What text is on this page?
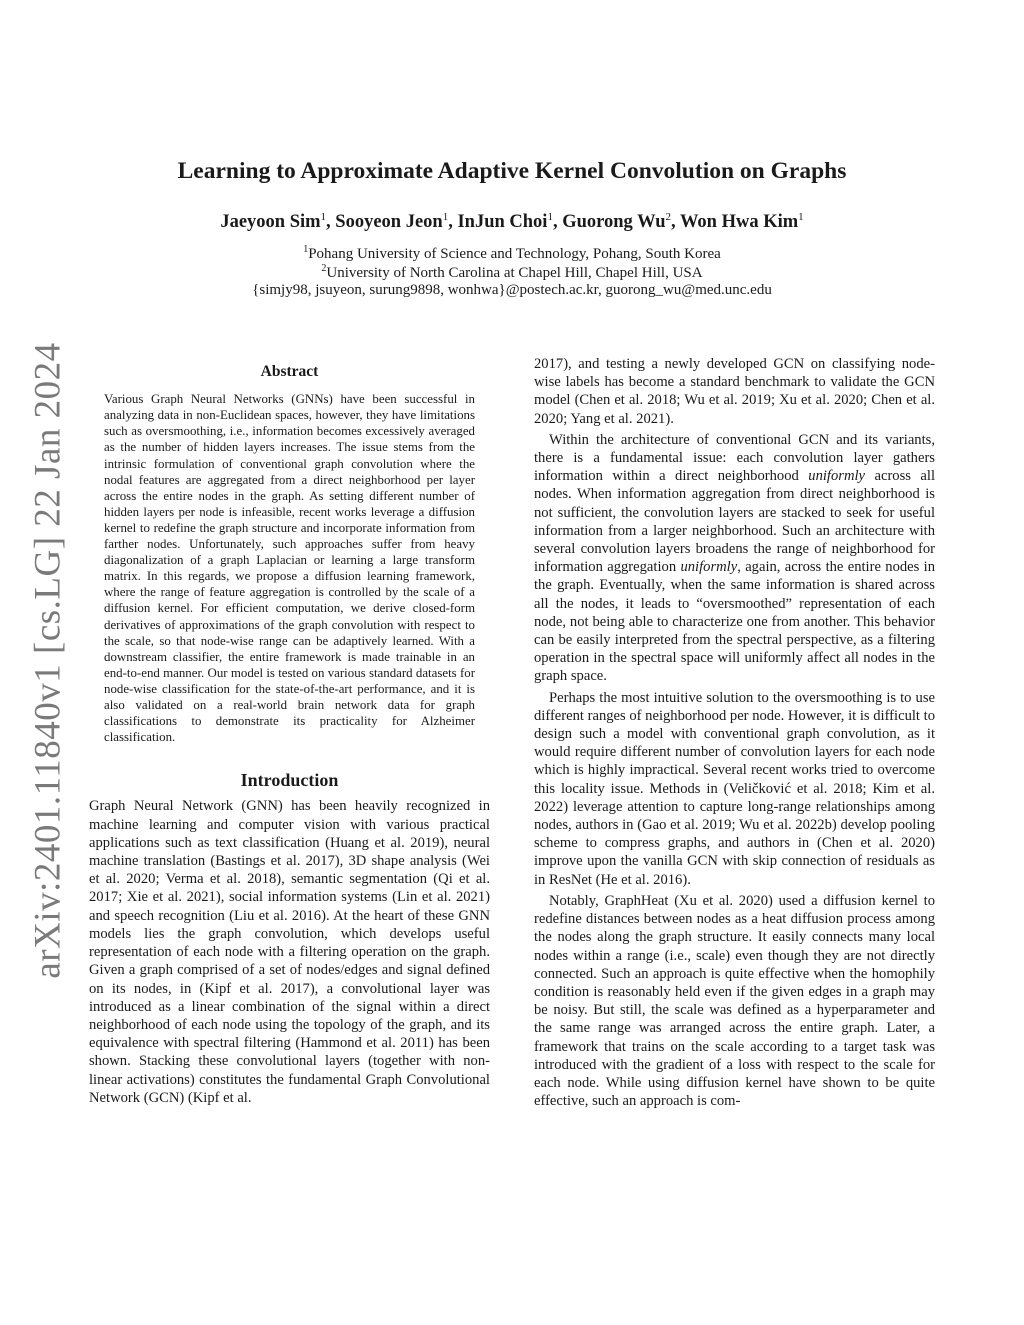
arXiv:2401.11840v1 [cs.LG] 22 Jan 2024
Learning to Approximate Adaptive Kernel Convolution on Graphs
Jaeyoon Sim$^1$, Sooyeon Jeon$^1$, InJun Choi$^1$, Guorong Wu$^2$, Won Hwa Kim$^1$
$^1$Pohang University of Science and Technology, Pohang, South Korea
$^2$University of North Carolina at Chapel Hill, Chapel Hill, USA
{simjy98, jsuyeon, surung9898, wonhwa}@postech.ac.kr, guorong_wu@med.unc.edu
Abstract
Various Graph Neural Networks (GNNs) have been successful in analyzing data in non-Euclidean spaces, however, they have limitations such as oversmoothing, i.e., information becomes excessively averaged as the number of hidden layers increases. The issue stems from the intrinsic formulation of conventional graph convolution where the nodal features are aggregated from a direct neighborhood per layer across the entire nodes in the graph. As setting different number of hidden layers per node is infeasible, recent works leverage a diffusion kernel to redefine the graph structure and incorporate information from farther nodes. Unfortunately, such approaches suffer from heavy diagonalization of a graph Laplacian or learning a large transform matrix. In this regards, we propose a diffusion learning framework, where the range of feature aggregation is controlled by the scale of a diffusion kernel. For efficient computation, we derive closed-form derivatives of approximations of the graph convolution with respect to the scale, so that node-wise range can be adaptively learned. With a downstream classifier, the entire framework is made trainable in an end-to-end manner. Our model is tested on various standard datasets for node-wise classification for the state-of-the-art performance, and it is also validated on a real-world brain network data for graph classifications to demonstrate its practicality for Alzheimer classification.
Introduction

Graph Neural Network (GNN) has been heavily recognized in machine learning and computer vision with various practical applications such as text classification (Huang et al. 2019), neural machine translation (Bastings et al. 2017), 3D shape analysis (Wei et al. 2020; Verma et al. 2018), semantic segmentation (Qi et al. 2017; Xie et al. 2021), social information systems (Lin et al. 2021) and speech recognition (Liu et al. 2016). At the heart of these GNN models lies the graph convolution, which develops useful representation of each node with a filtering operation on the graph. Given a graph comprised of a set of nodes/edges and signal defined on its nodes, in (Kipf et al. 2017), a convolutional layer was introduced as a linear combination of the signal within a direct neighborhood of each node using the topology of the graph, and its equivalence with spectral filtering (Hammond et al. 2011) has been shown. Stacking these convolutional layers (together with non-linear activations) constitutes the fundamental Graph Convolutional Network (GCN) (Kipf et al.

2017), and testing a newly developed GCN on classifying node-wise labels has become a standard benchmark to validate the GCN model (Chen et al. 2018; Wu et al. 2019; Xu et al. 2020; Chen et al. 2020; Yang et al. 2021).

Within the architecture of conventional GCN and its variants, there is a fundamental issue: each convolution layer gathers information within a direct neighborhood uniformly across all nodes. When information aggregation from direct neighborhood is not sufficient, the convolution layers are stacked to seek for useful information from a larger neighborhood. Such an architecture with several convolution layers broadens the range of neighborhood for information aggregation uniformly, again, across the entire nodes in the graph. Eventually, when the same information is shared across all the nodes, it leads to “oversmoothed” representation of each node, not being able to characterize one from another. This behavior can be easily interpreted from the spectral perspective, as a filtering operation in the spectral space will uniformly affect all nodes in the graph space.

Perhaps the most intuitive solution to the oversmoothing is to use different ranges of neighborhood per node. However, it is difficult to design such a model with conventional graph convolution, as it would require different number of convolution layers for each node which is highly impractical. Several recent works tried to overcome this locality issue. Methods in (Veličković et al. 2018; Kim et al. 2022) leverage attention to capture long-range relationships among nodes, authors in (Gao et al. 2019; Wu et al. 2022b) develop pooling scheme to compress graphs, and authors in (Chen et al. 2020) improve upon the vanilla GCN with skip connection of residuals as in ResNet (He et al. 2016).

Notably, GraphHeat (Xu et al. 2020) used a diffusion kernel to redefine distances between nodes as a heat diffusion process among the nodes along the graph structure. It easily connects many local nodes within a range (i.e., scale) even though they are not directly connected. Such an approach is quite effective when the homophily condition is reasonably held even if the given edges in a graph may be noisy. But still, the scale was defined as a hyperparameter and the same range was arranged across the entire graph. Later, a framework that trains on the scale according to a target task was introduced with the gradient of a loss with respect to the scale for each node. While using diffusion kernel have shown to be quite effective, such an approach is com-
